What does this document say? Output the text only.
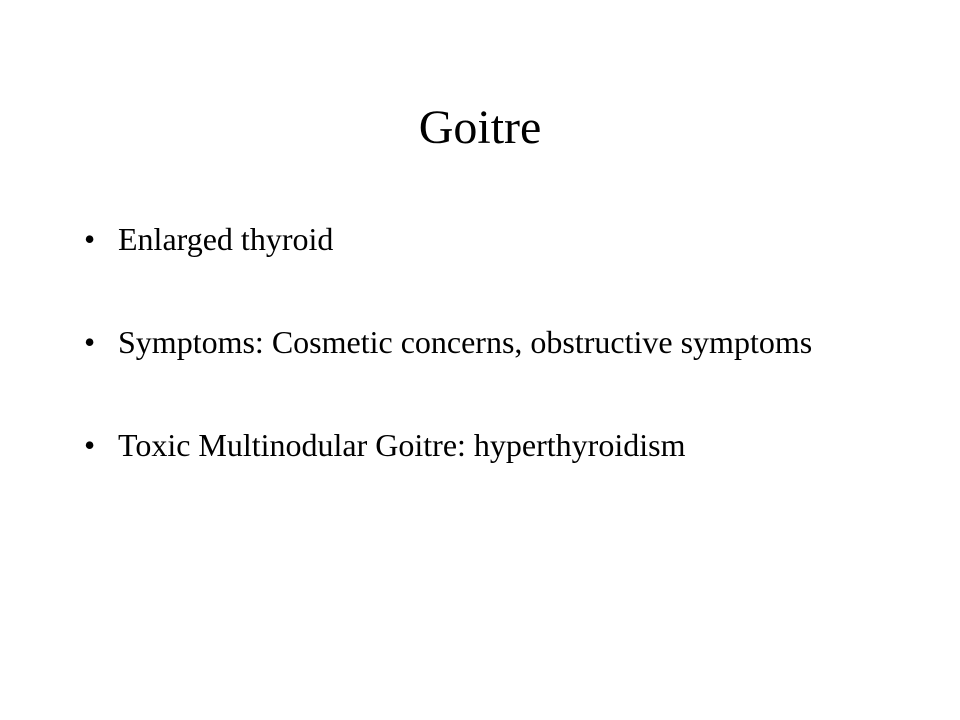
Goitre
• Enlarged thyroid
• Symptoms: Cosmetic concerns, obstructive symptoms
• Toxic Multinodular Goitre: hyperthyroidism
